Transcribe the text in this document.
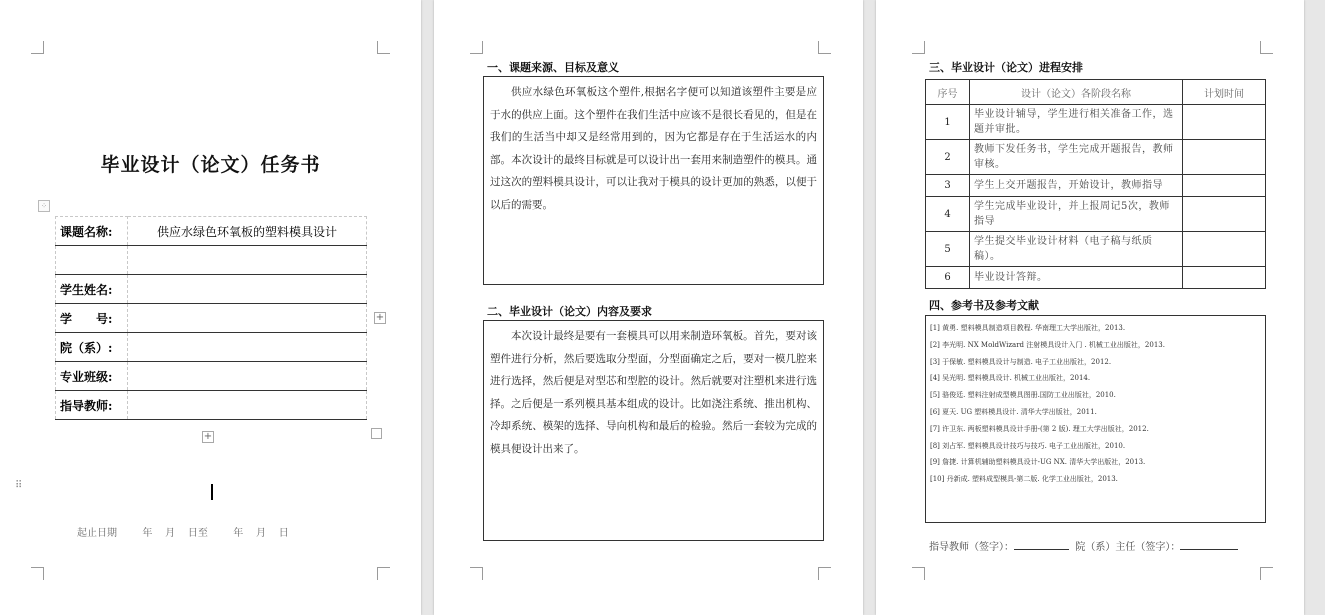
毕业设计（论文）任务书
⁘
课题名称:	供应水绿色环氧板的塑料模具设计

学生姓名:	
学　　号:	
院（系）:	
专业班级:	
指导教师:	
+
+
⠿
起止日期        年    月    日至        年    月    日
一、课题来源、目标及意义
供应水绿色环氧板这个塑件,根据名字便可以知道该塑件主要是应于水的供应上面。这个塑件在我们生活中应该不是很长看见的，但是在我们的生活当中却又是经常用到的，因为它都是存在于生活运水的内部。本次设计的最终目标就是可以设计出一套用来制造塑件的模具。通过这次的塑料模具设计，可以让我对于模具的设计更加的熟悉，以便于以后的需要。
二、毕业设计（论文）内容及要求
本次设计最终是要有一套模具可以用来制造环氧板。首先，要对该塑件进行分析，然后要选取分型面，分型面确定之后，要对一模几腔来进行选择，然后便是对型芯和型腔的设计。然后就要对注塑机来进行选择。之后便是一系列模具基本组成的设计。比如浇注系统、推出机构、冷却系统、模架的选择、导向机构和最后的检验。然后一套较为完成的模具便设计出来了。
三、毕业设计（论文）进程安排
序号	设计（论文）各阶段名称	计划时间
1	毕业设计辅导，学生进行相关准备工作，选题并审批。	
2	教师下发任务书，学生完成开题报告，教师审核。	
3	学生上交开题报告，开始设计，教师指导	
4	学生完成毕业设计，并上报周记5次，教师指导	
5	学生提交毕业设计材料（电子稿与纸质稿）。	
6	毕业设计答辩。	
四、参考书及参考文献
[1] 黄勇. 塑料模具制造项目教程. 华南理工大学出版社，2013.
[2] 李光明. NX MoldWizard 注射模具设计入门 . 机械工业出版社，2013.
[3] 于保敏. 塑料模具设计与制造. 电子工业出版社，2012.
[4] 吴光明. 塑料模具设计. 机械工业出版社，2014.
[5] 骆俊廷. 塑料注射成型模具图册.国防工业出版社，2010.
[6] 夏天. UG 塑料模具设计. 清华大学出版社，2011.
[7] 许卫东. 两板塑料模具设计手册-(第 2 版). 理工大学出版社，2012.
[8] 刘占军. 塑料模具设计技巧与技巧. 电子工业出版社，2010.
[9] 詹捷. 计算机辅助塑料模具设计-UG NX. 清华大学出版社，2013.
[10] 丹新成. 塑料成型模具-第二版. 化学工业出版社，2013.
指导教师（签字）：	院（系）主任（签字）：
